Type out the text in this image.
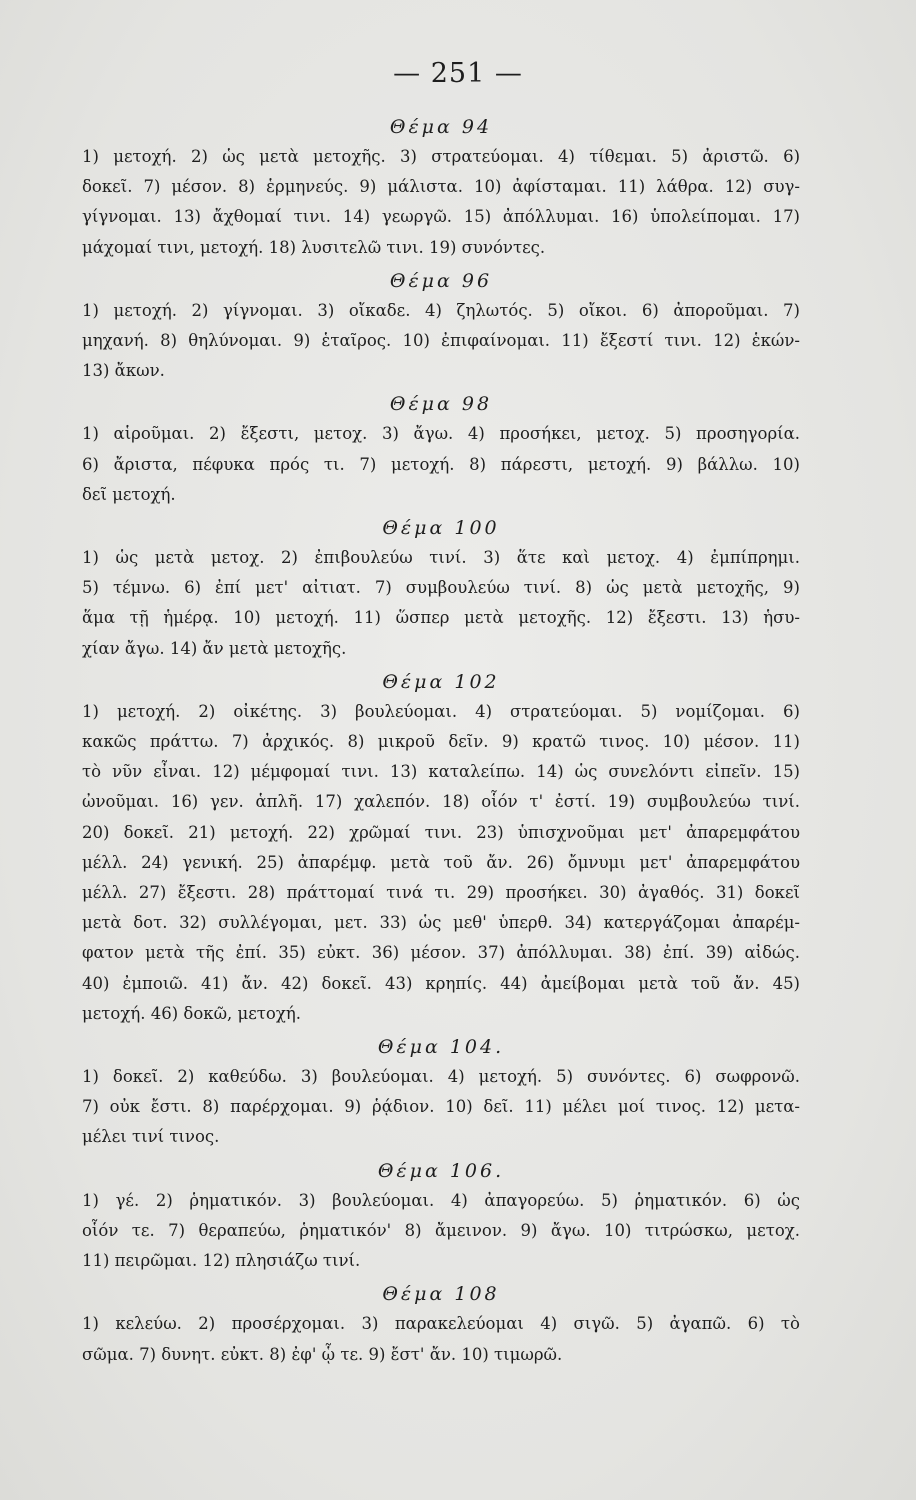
— 251 —
Θέμα 94
1) μετοχή. 2) ὡς μετὰ μετοχῆς. 3) στρατεύομαι. 4) τίθεμαι. 5) ἀριστῶ. 6)
δοκεῖ. 7) μέσον. 8) ἑρμηνεύς. 9) μάλιστα. 10) ἀφίσταμαι. 11) λάθρα. 12) συγ-
γίγνομαι. 13) ἄχθομαί τινι. 14) γεωργῶ. 15) ἀπόλλυμαι. 16) ὑπολείπομαι. 17)
μάχομαί τινι, μετοχή. 18) λυσιτελῶ τινι. 19) συνόντες.
Θέμα 96
1) μετοχή. 2) γίγνομαι. 3) οἴκαδε. 4) ζηλωτός. 5) οἴκοι. 6) ἀποροῦμαι. 7)
μηχανή. 8) θηλύνομαι. 9) ἑταῖρος. 10) ἐπιφαίνομαι. 11) ἔξεστί τινι. 12) ἑκών-
13) ἄκων.
Θέμα 98
1) αἱροῦμαι. 2) ἔξεστι, μετοχ. 3) ἄγω. 4) προσήκει, μετοχ. 5) προσηγορία.
6) ἄριστα, πέφυκα πρός τι. 7) μετοχή. 8) πάρεστι, μετοχή. 9) βάλλω. 10)
δεῖ μετοχή.
Θέμα 100
1) ὡς μετὰ μετοχ. 2) ἐπιβουλεύω τινί. 3) ἅτε καὶ μετοχ. 4) ἐμπίπρημι.
5) τέμνω. 6) ἐπί μετ' αἰτιατ. 7) συμβουλεύω τινί. 8) ὡς μετὰ μετοχῆς, 9)
ἅμα τῇ ἡμέρᾳ. 10) μετοχή. 11) ὥσπερ μετὰ μετοχῆς. 12) ἔξεστι. 13) ἡσυ-
χίαν ἄγω. 14) ἄν μετὰ μετοχῆς.
Θέμα 102
1) μετοχή. 2) οἰκέτης. 3) βουλεύομαι. 4) στρατεύομαι. 5) νομίζομαι. 6)
κακῶς πράττω. 7) ἀρχικός. 8) μικροῦ δεῖν. 9) κρατῶ τινος. 10) μέσον. 11)
τὸ νῦν εἶναι. 12) μέμφομαί τινι. 13) καταλείπω. 14) ὡς συνελόντι εἰπεῖν. 15)
ὠνοῦμαι. 16) γεν. ἁπλῆ. 17) χαλεπόν. 18) οἷόν τ' ἐστί. 19) συμβουλεύω τινί.
20) δοκεῖ. 21) μετοχή. 22) χρῶμαί τινι. 23) ὑπισχνοῦμαι μετ' ἀπαρεμφάτου
μέλλ. 24) γενική. 25) ἀπαρέμφ. μετὰ τοῦ ἄν. 26) ὄμνυμι μετ' ἀπαρεμφάτου
μέλλ. 27) ἔξεστι. 28) πράττομαί τινά τι. 29) προσήκει. 30) ἀγαθός. 31) δοκεῖ
μετὰ δοτ. 32) συλλέγομαι, μετ. 33) ὡς μεθ' ὑπερθ. 34) κατεργάζομαι ἀπαρέμ-
φατον μετὰ τῆς ἐπί. 35) εὐκτ. 36) μέσον. 37) ἀπόλλυμαι. 38) ἐπί. 39) αἰδώς.
40) ἐμποιῶ. 41) ἄν. 42) δοκεῖ. 43) κρηπίς. 44) ἀμείβομαι μετὰ τοῦ ἄν. 45)
μετοχή. 46) δοκῶ, μετοχή.
Θέμα 104.
1) δοκεῖ. 2) καθεύδω. 3) βουλεύομαι. 4) μετοχή. 5) συνόντες. 6) σωφρονῶ.
7) οὐκ ἔστι. 8) παρέρχομαι. 9) ῥᾴδιον. 10) δεῖ. 11) μέλει μοί τινος. 12) μετα-
μέλει τινί τινος.
Θέμα 106.
1) γέ. 2) ῥηματικόν. 3) βουλεύομαι. 4) ἀπαγορεύω. 5) ῥηματικόν. 6) ὡς
οἷόν τε. 7) θεραπεύω, ῥηματικόν' 8) ἄμεινον. 9) ἄγω. 10) τιτρώσκω, μετοχ.
11) πειρῶμαι. 12) πλησιάζω τινί.
Θέμα 108
1) κελεύω. 2) προσέρχομαι. 3) παρακελεύομαι 4) σιγῶ. 5) ἀγαπῶ. 6) τὸ
σῶμα. 7) δυνητ. εὐκτ. 8) ἐφ' ᾧ τε. 9) ἔστ' ἄν. 10) τιμωρῶ.
